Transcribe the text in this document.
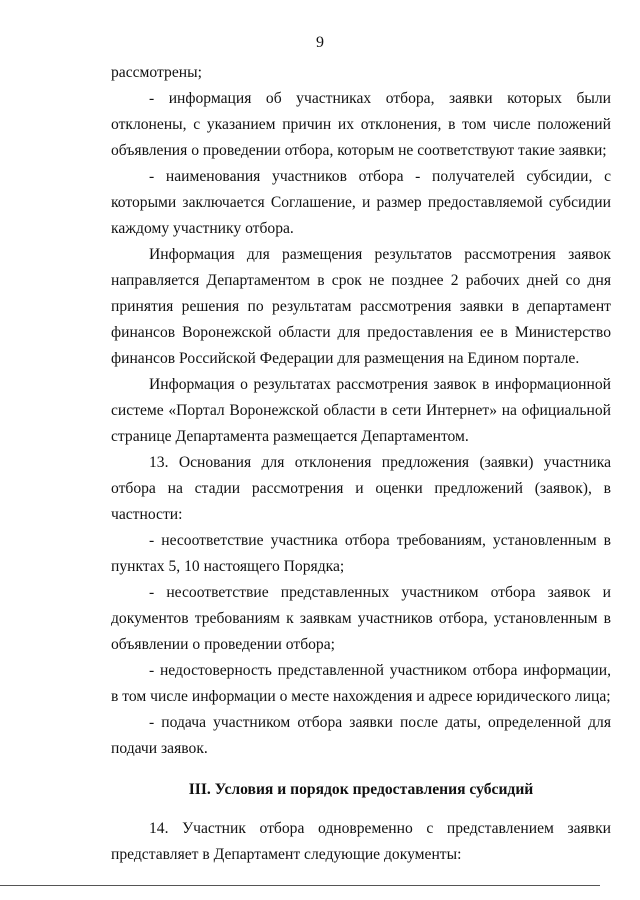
9

рассмотрены;

- информация об участниках отбора, заявки которых были отклонены, с указанием причин их отклонения, в том числе положений объявления о проведении отбора, которым не соответствуют такие заявки;

- наименования участников отбора - получателей субсидии, с которыми заключается Соглашение, и размер предоставляемой субсидии каждому участнику отбора.

Информация для размещения результатов рассмотрения заявок направляется Департаментом в срок не позднее 2 рабочих дней со дня принятия решения по результатам рассмотрения заявки в департамент финансов Воронежской области для предоставления ее в Министерство финансов Российской Федерации для размещения на Едином портале.

Информация о результатах рассмотрения заявок в информационной системе «Портал Воронежской области в сети Интернет» на официальной странице Департамента размещается Департаментом.

13. Основания для отклонения предложения (заявки) участника отбора на стадии рассмотрения и оценки предложений (заявок), в частности:

- несоответствие участника отбора требованиям, установленным в пунктах 5, 10 настоящего Порядка;

- несоответствие представленных участником отбора заявок и документов требованиям к заявкам участников отбора, установленным в объявлении о проведении отбора;

- недостоверность представленной участником отбора информации, в том числе информации о месте нахождения и адресе юридического лица;

- подача участником отбора заявки после даты, определенной для подачи заявок.

III. Условия и порядок предоставления субсидий

14. Участник отбора одновременно с представлением заявки представляет в Департамент следующие документы:
